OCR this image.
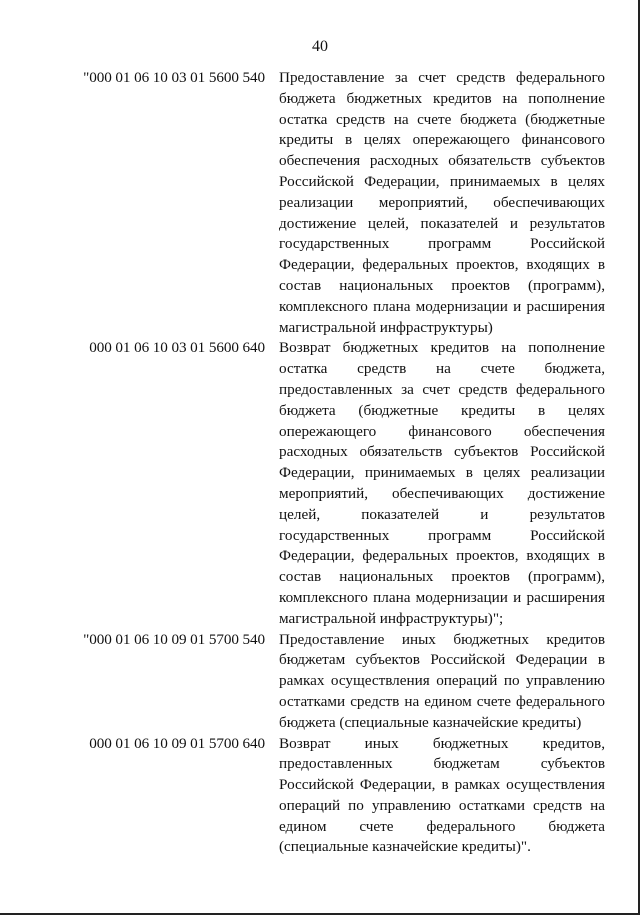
40
"000 01 06 10 03 01 5600 540 Предоставление за счет средств федерального бюджета бюджетных кредитов на пополнение остатка средств на счете бюджета (бюджетные кредиты в целях опережающего финансового обеспечения расходных обязательств субъектов Российской Федерации, принимаемых в целях реализации мероприятий, обеспечивающих достижение целей, показателей и результатов государственных программ Российской Федерации, федеральных проектов, входящих в состав национальных проектов (программ), комплексного плана модернизации и расширения магистральной инфраструктуры)
000 01 06 10 03 01 5600 640 Возврат бюджетных кредитов на пополнение остатка средств на счете бюджета, предоставленных за счет средств федерального бюджета (бюджетные кредиты в целях опережающего финансового обеспечения расходных обязательств субъектов Российской Федерации, принимаемых в целях реализации мероприятий, обеспечивающих достижение целей, показателей и результатов государственных программ Российской Федерации, федеральных проектов, входящих в состав национальных проектов (программ), комплексного плана модернизации и расширения магистральной инфраструктуры)";
"000 01 06 10 09 01 5700 540 Предоставление иных бюджетных кредитов бюджетам субъектов Российской Федерации в рамках осуществления операций по управлению остатками средств на едином счете федерального бюджета (специальные казначейские кредиты)
000 01 06 10 09 01 5700 640 Возврат иных бюджетных кредитов, предоставленных бюджетам субъектов Российской Федерации, в рамках осуществления операций по управлению остатками средств на едином счете федерального бюджета (специальные казначейские кредиты)".
